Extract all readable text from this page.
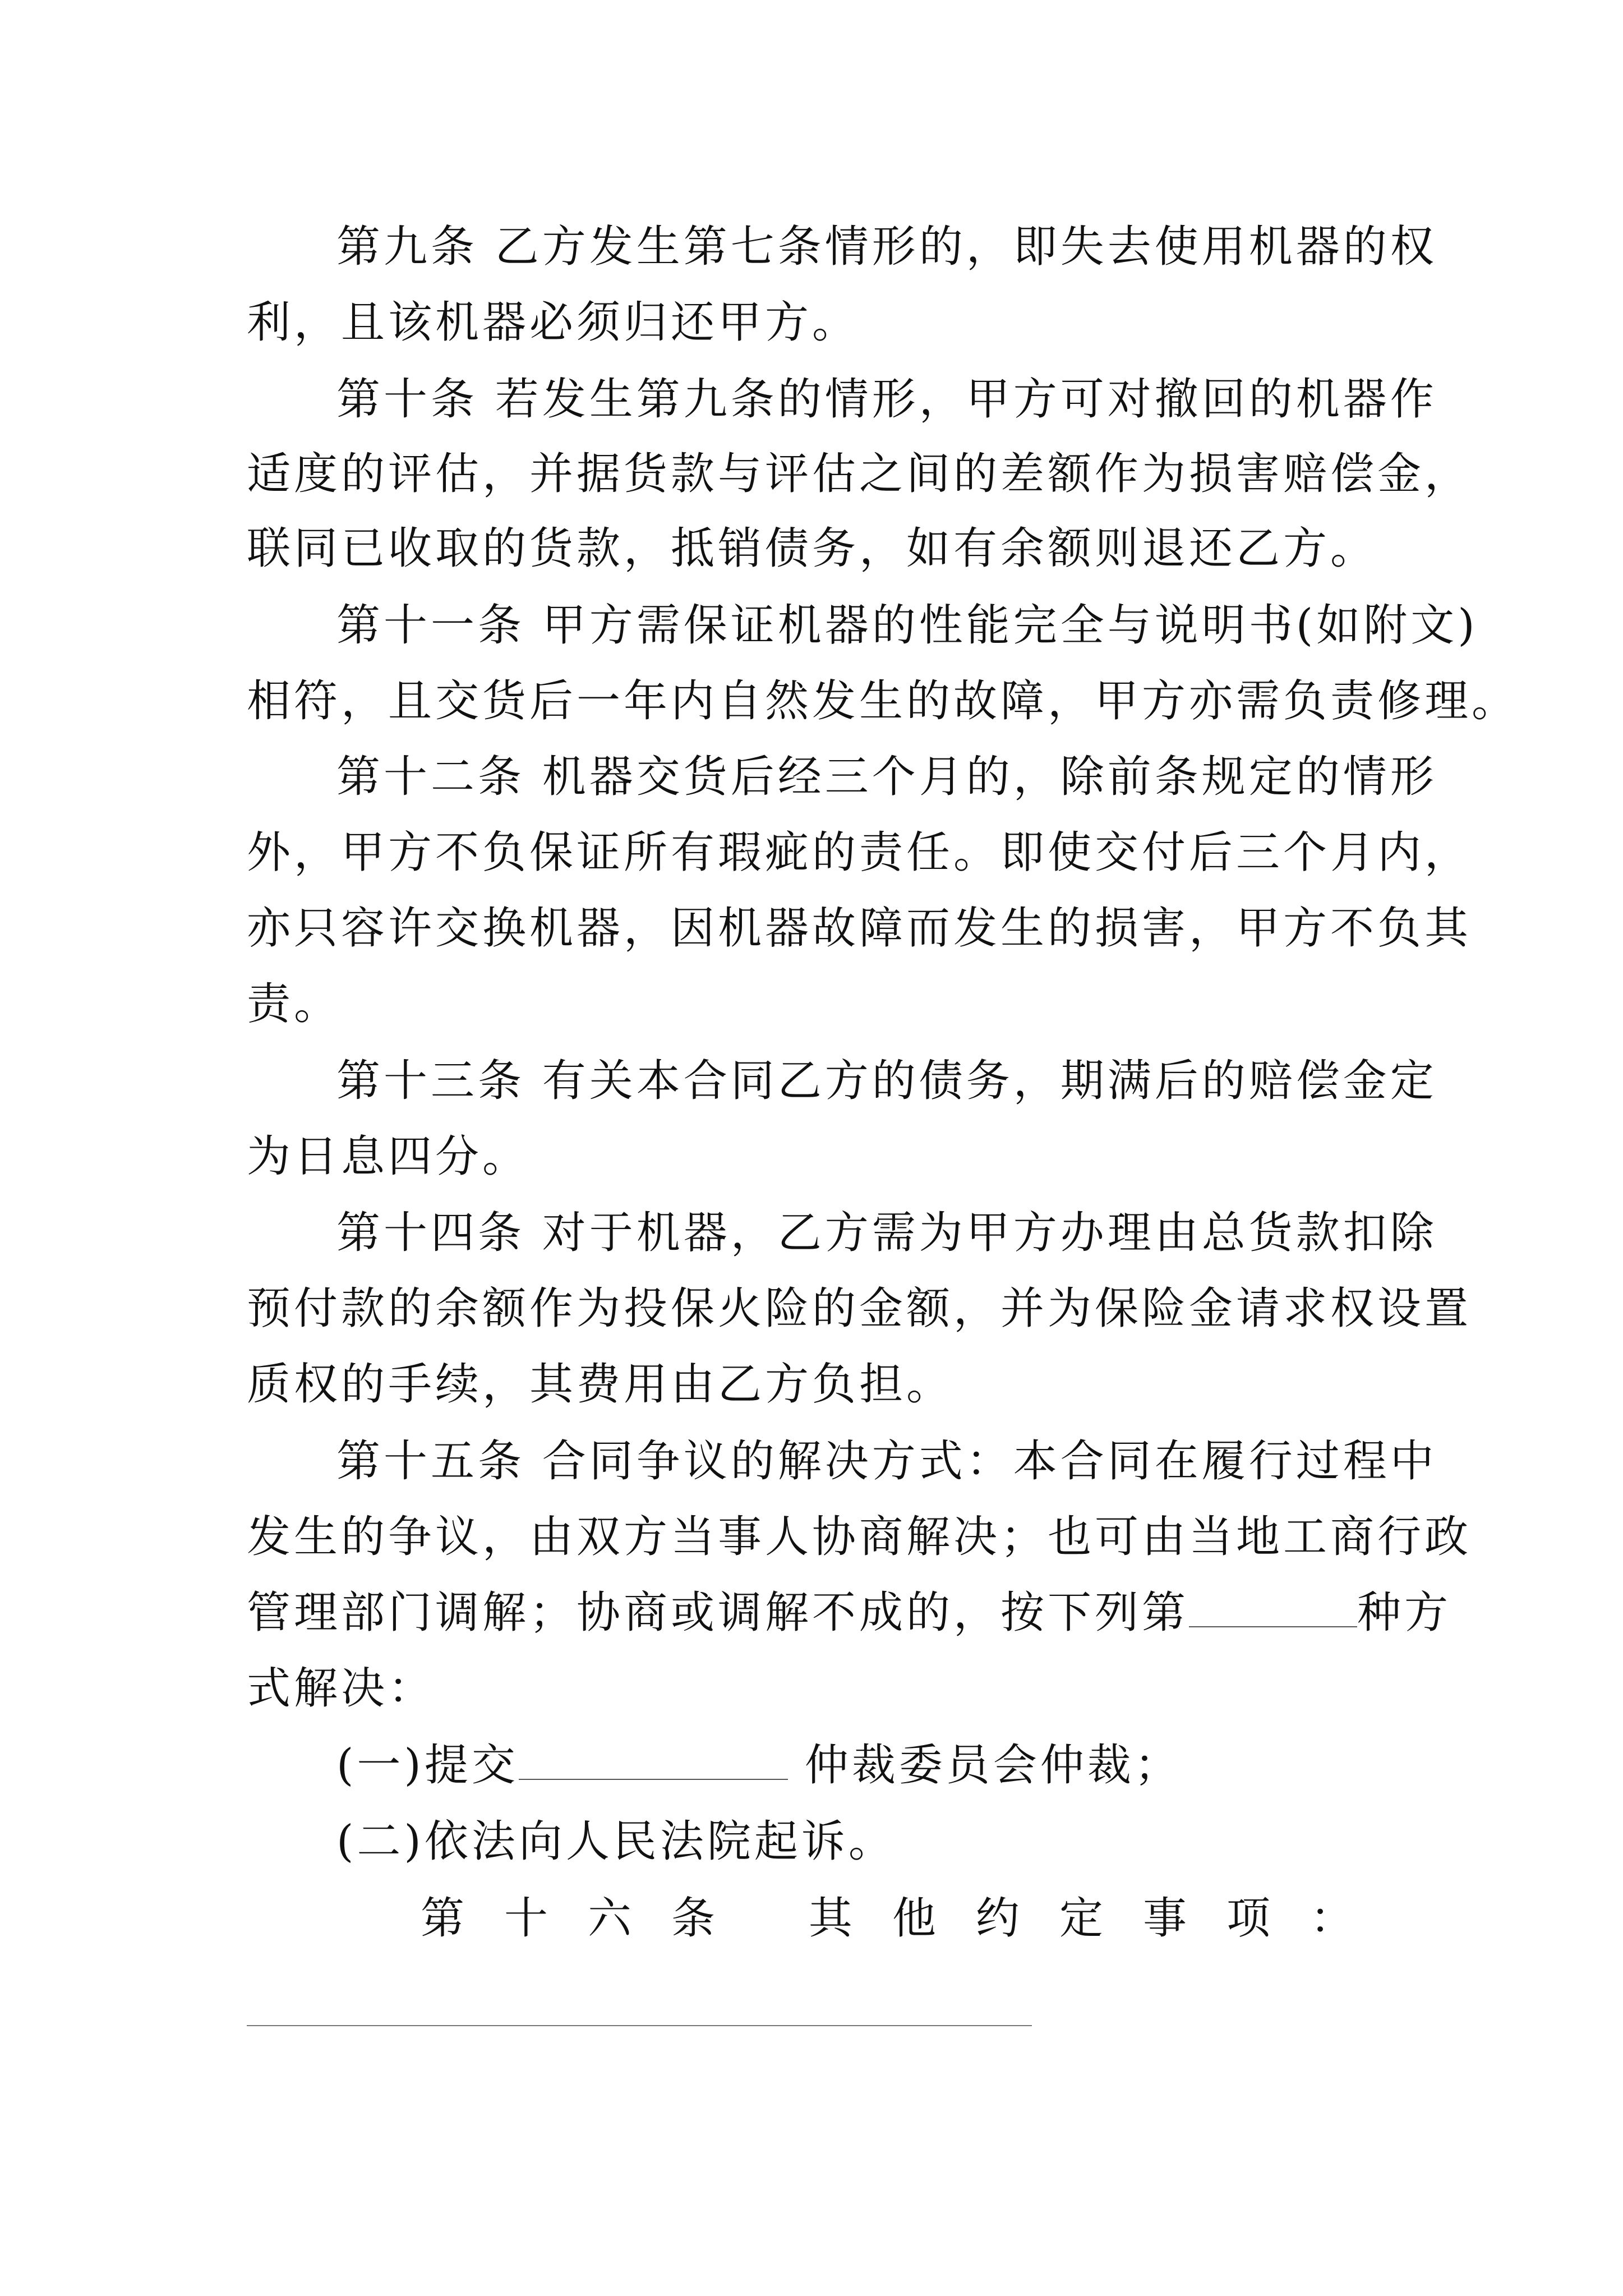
第九条 乙方发生第七条情形的，即失去使用机器的权
利，且该机器必须归还甲方。
第十条 若发生第九条的情形，甲方可对撤回的机器作
适度的评估，并据货款与评估之间的差额作为损害赔偿金，
联同已收取的货款，抵销债务，如有余额则退还乙方。
第十一条 甲方需保证机器的性能完全与说明书(如附文)
相符，且交货后一年内自然发生的故障，甲方亦需负责修理。
第十二条 机器交货后经三个月的，除前条规定的情形
外，甲方不负保证所有瑕疵的责任。即使交付后三个月内，
亦只容许交换机器，因机器故障而发生的损害，甲方不负其
责。
第十三条 有关本合同乙方的债务，期满后的赔偿金定
为日息四分。
第十四条 对于机器，乙方需为甲方办理由总货款扣除
预付款的余额作为投保火险的金额，并为保险金请求权设置
质权的手续，其费用由乙方负担。
第十五条 合同争议的解决方式：本合同在履行过程中
发生的争议，由双方当事人协商解决；也可由当地工商行政
管理部门调解；协商或调解不成的，按下列第	种方
式解决：
(一)提交	仲裁委员会仲裁；
(二)依法向人民法院起诉。
第十六条 其他约定事项：
